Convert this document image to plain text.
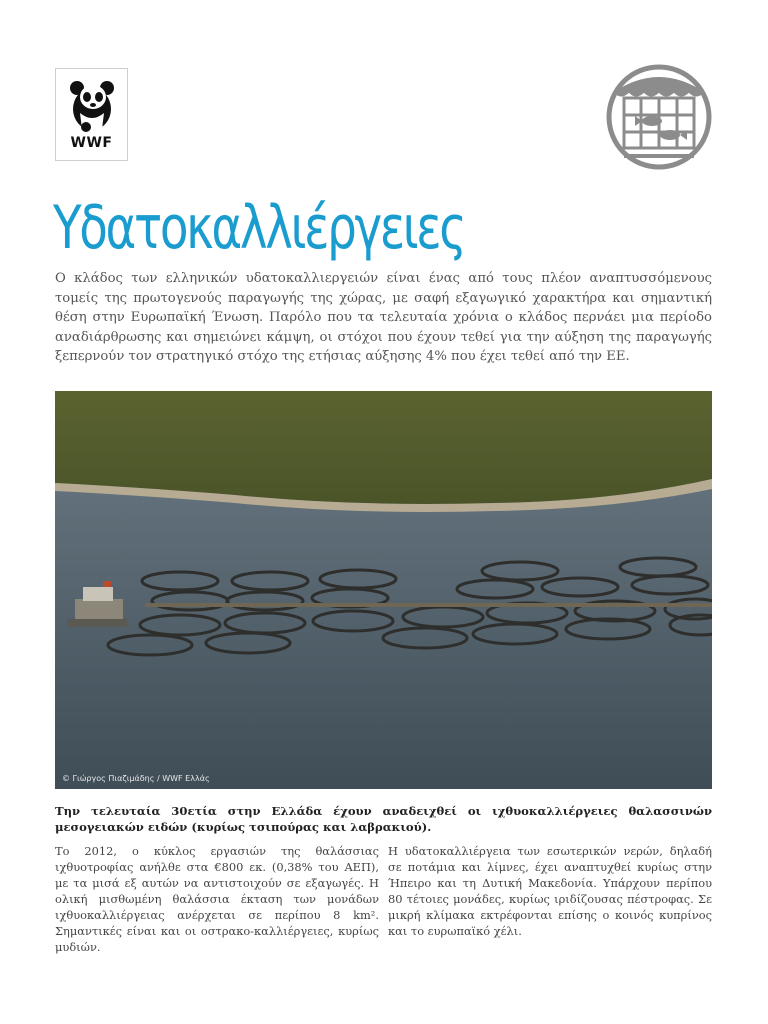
WWF
Υδατοκαλλιέργειες

Ο κλάδος των ελληνικών υδατοκαλλιεργειών είναι ένας από τους πλέον αναπτυσσόμενους τομείς της πρωτογενούς παραγωγής της χώρας, με σαφή εξαγωγικό χαρακτήρα και σημαντική θέση στην Ευρωπαϊκή Ένωση. Παρόλο που τα τελευταία χρόνια ο κλάδος περνάει μια περίοδο αναδιάρθρωσης και σημειώνει κάμψη, οι στόχοι που έχουν τεθεί για την αύξηση της παραγωγής ξεπερνούν τον στρατηγικό στόχο της ετήσιας αύξησης 4% που έχει τεθεί από την ΕΕ.

© Γιώργος Πιαζιμάδης / WWF Ελλάς

Την τελευταία 30ετία στην Ελλάδα έχουν αναδειχθεί οι ιχθυοκαλλιέργειες θαλασσινών μεσογειακών ειδών (κυρίως τσιπούρας και λαβρακιού).

Το 2012, ο κύκλος εργασιών της θαλάσσιας ιχθυοτροφίας ανήλθε στα €800 εκ. (0,38% του ΑΕΠ), με τα μισά εξ αυτών να αντιστοιχούν σε εξαγωγές. Η ολική μισθωμένη θαλάσσια έκταση των μονάδων ιχθυοκαλλιέργειας ανέρχεται σε περίπου 8 km². Σημαντικές είναι και οι οστρακο-καλλιέργειες, κυρίως μυδιών.

Η υδατοκαλλιέργεια των εσωτερικών νερών, δηλαδή σε ποτάμια και λίμνες, έχει αναπτυχθεί κυρίως στην Ήπειρο και τη Δυτική Μακεδονία. Υπάρχουν περίπου 80 τέτοιες μονάδες, κυρίως ιριδίζουσας πέστροφας. Σε μικρή κλίμακα εκτρέφονται επίσης ο κοινός κυπρίνος και το ευρωπαϊκό χέλι.
